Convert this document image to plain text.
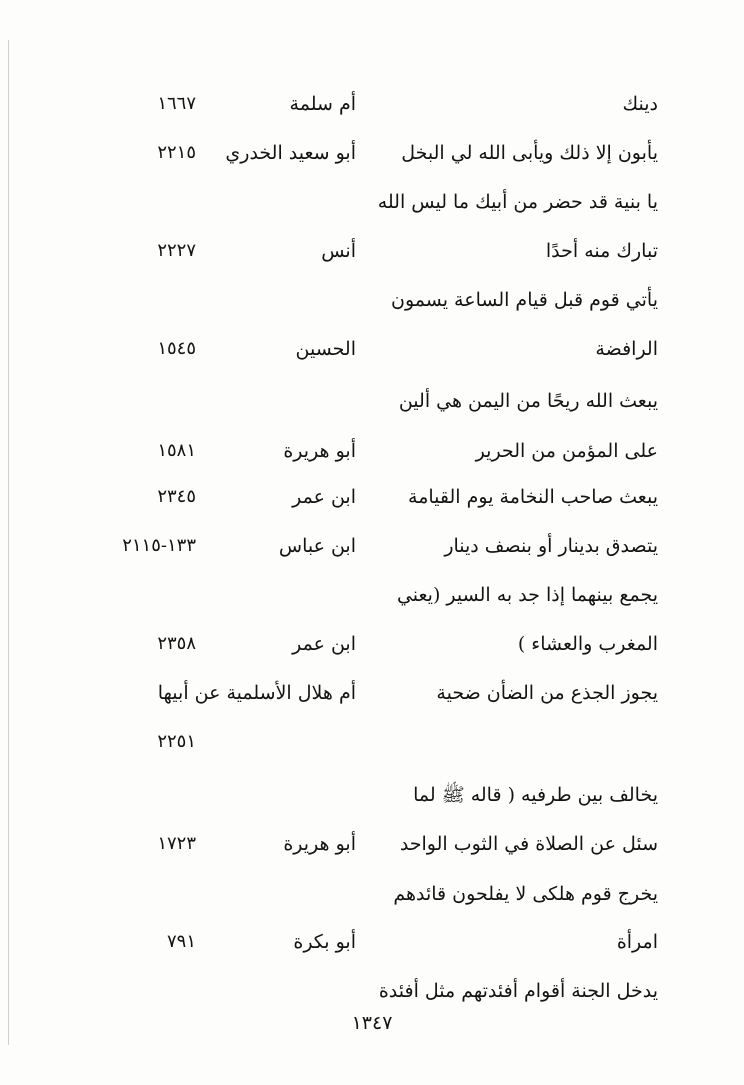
دينك
أم سلمة
١٦٦٧
يأبون إلا ذلك ويأبى الله لي البخل
أبو سعيد الخدري
٢٢١٥
يا بنية قد حضر من أبيك ما ليس الله
تبارك منه أحدًا
أنس
٢٢٢٧
يأتي قوم قبل قيام الساعة يسمون
الرافضة
الحسين
١٥٤٥
يبعث الله ريحًا من اليمن هي ألين
على المؤمن من الحرير
أبو هريرة
١٥٨١
يبعث صاحب النخامة يوم القيامة
ابن عمر
٢٣٤٥
يتصدق بدينار أو بنصف دينار
ابن عباس
١٣٣-٢١١٥
يجمع بينهما إذا جد به السير (يعني
المغرب والعشاء )
ابن عمر
٢٣٥٨
يجوز الجذع من الضأن ضحية
أم هلال الأسلمية عن أبيها
٢٢٥١
يخالف بين طرفيه ( قاله ﷺ لما
سئل عن الصلاة في الثوب الواحد
أبو هريرة
١٧٢٣
يخرج قوم هلكى لا يفلحون قائدهم
امرأة
أبو بكرة
٧٩١
يدخل الجنة أقوام أفئدتهم مثل أفئدة
١٣٤٧
